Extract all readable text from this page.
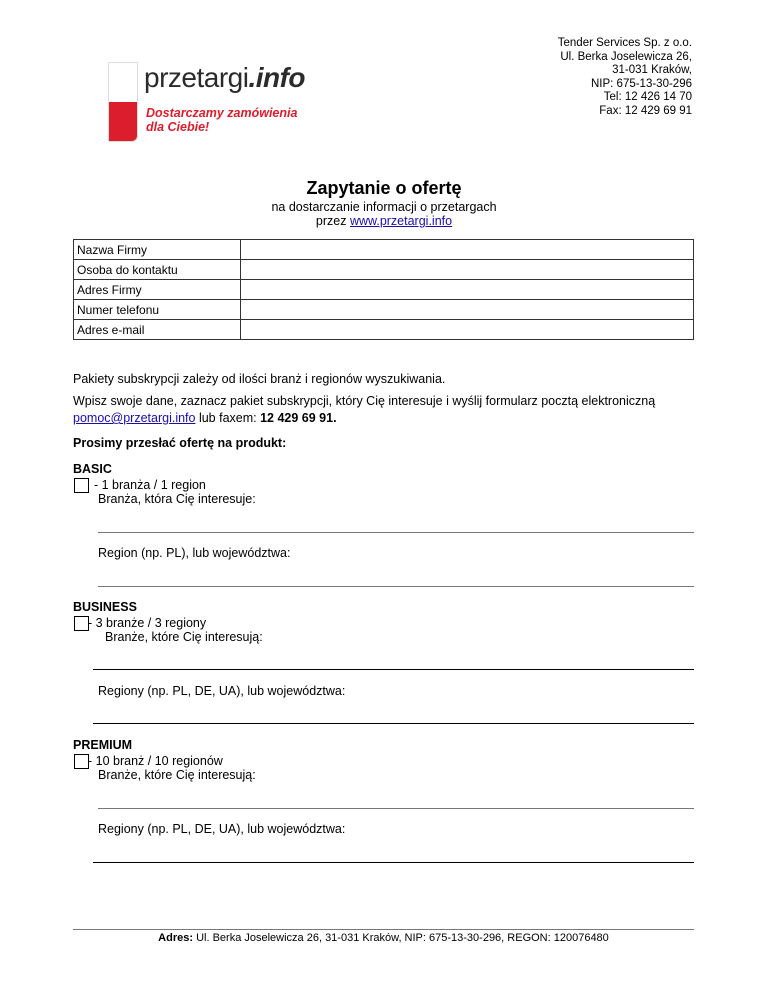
Tender Services Sp. z o.o.
Ul. Berka Joselewicza 26,
31-031 Kraków,
NIP: 675-13-30-296
Tel: 12 426 14 70
Fax: 12 429 69 91
przetargi.info
Dostarczamy zamówienia
dla Ciebie!
Zapytanie o ofertę
na dostarczanie informacji o przetargach
przez www.przetargi.info
Nazwa Firmy	
Osoba do kontaktu	
Adres Firmy	
Numer telefonu	
Adres e-mail	
Pakiety subskrypcji zależy od ilości branż i regionów wyszukiwania.
Wpisz swoje dane, zaznacz pakiet subskrypcji, który Cię interesuje i wyślij formularz pocztą elektroniczną
pomoc@przetargi.info lub faxem: 12 429 69 91.
Prosimy przesłać ofertę na produkt:
BASIC
- 1 branża / 1 region
Branża, która Cię interesuje:
Region (np. PL), lub województwa:
BUSINESS
- 3 branże / 3 regiony
Branże, które Cię interesują:
Regiony (np. PL, DE, UA), lub województwa:
PREMIUM
- 10 branż / 10 regionów
Branże, które Cię interesują:
Regiony (np. PL, DE, UA), lub województwa:
Adres: Ul. Berka Joselewicza 26, 31-031 Kraków, NIP: 675-13-30-296, REGON: 120076480
